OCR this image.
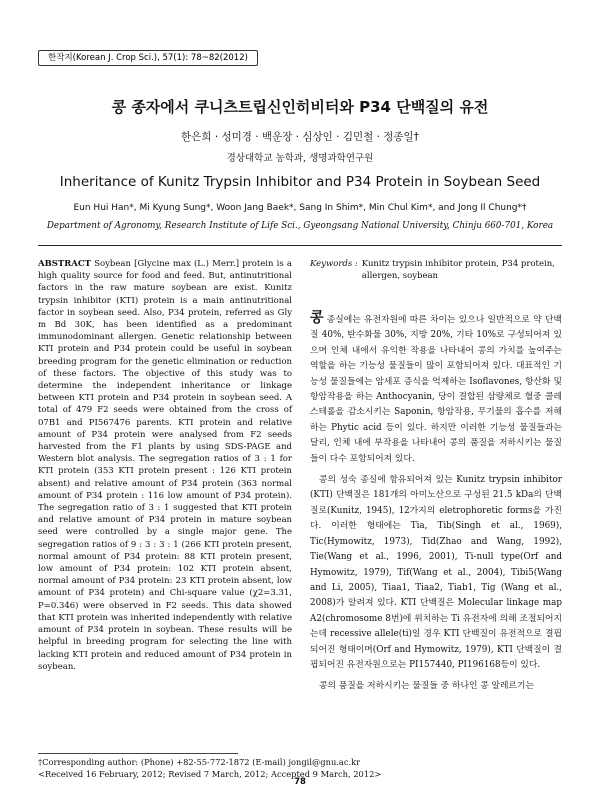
한작지(Korean J. Crop Sci.), 57(1): 78~82(2012)
콩 종자에서 쿠니츠트립신인히비터와 P34 단백질의 유전
한은희 · 성미경 · 백운장 · 심상인 · 김민철 · 정종일†
경상대학교 농학과, 생명과학연구원
Inheritance of Kunitz Trypsin Inhibitor and P34 Protein in Soybean Seed
Eun Hui Han*, Mi Kyung Sung*, Woon Jang Baek*, Sang In Shim*, Min Chul Kim*, and Jong Il Chung*†
Department of Agronomy, Research Institute of Life Sci., Gyeongsang National University, Chinju 660-701, Korea
ABSTRACT Soybean [Glycine max (L.) Merr.] protein is a high quality source for food and feed. But, antinutritional factors in the raw mature soybean are exist. Kunitz trypsin inhibitor (KTI) protein is a main antinutritional factor in soybean seed. Also, P34 protein, referred as Gly m Bd 30K, has been identified as a predominant immunodominant allergen. Genetic relationship between KTI protein and P34 protein could be useful in soybean breeding program for the genetic elimination or reduction of these factors. The objective of this study was to determine the independent inheritance or linkage between KTI protein and P34 protein in soybean seed. A total of 479 F2 seeds were obtained from the cross of 07B1 and PI567476 parents. KTI protein and relative amount of P34 protein were analysed from F2 seeds harvested from the F1 plants by using SDS-PAGE and Western blot analysis. The segregation ratios of 3 : 1 for KTI protein (353 KTI protein present : 126 KTI protein absent) and relative amount of P34 protein (363 normal amount of P34 protein : 116 low amount of P34 protein). The segregation ratio of 3 : 1 suggested that KTI protein and relative amount of P34 protein in mature soybean seed were controlled by a single major gene. The segregation ratios of 9 : 3 : 3 : 1 (266 KTI protein present, normal amount of P34 protein: 88 KTI protein present, low amount of P34 protein: 102 KTI protein absent, normal amount of P34 protein: 23 KTI protein absent, low amount of P34 protein) and Chi-square value (χ2=3.31, P=0.346) were observed in F2 seeds. This data showed that KTI protein was inherited independently with relative amount of P34 protein in soybean. These results will be helpful in breeding program for selecting the line with lacking KTI protein and reduced amount of P34 protein in soybean.
Keywords : Kunitz trypsin inhibitor protein, P34 protein, allergen, soybean

콩 종실에는 유전자원에 따른 차이는 있으나 일반적으로 약 단백질 40%, 탄수화물 30%, 지방 20%, 기타 10%로 구성되어져 있으며 인체 내에서 유익한 작용을 나타내어 콩의 가치를 높여주는 역할을 하는 기능성 물질들이 많이 포함되어져 있다. 대표적인 기능성 물질들에는 암세포 증식을 억제하는 Isoflavones, 항산화 및 항암작용을 하는 Anthocyanin, 당이 결합된 삼량체로 혈중 콜레스테롤을 감소시키는 Saponin, 항암작용, 무기물의 흡수를 저해하는 Phytic acid 등이 있다. 하지만 이러한 기능성 물질들과는 달리, 인체 내에 부작용을 나타내어 콩의 품질을 저하시키는 물질들이 다수 포함되어져 있다.

콩의 성숙 종실에 함유되어져 있는 Kunitz trypsin inhibitor (KTI) 단백질은 181개의 아미노산으로 구성된 21.5 kDa의 단백질로(Kunitz, 1945), 12가지의 eletrophoretic forms을 가진다. 이러한 형태에는 Tia, Tib(Singh et al., 1969), Tic(Hymowitz, 1973), Tid(Zhao and Wang, 1992), Tie(Wang et al., 1996, 2001), Ti-null type(Orf and Hymowitz, 1979), Tif(Wang et al., 2004), Tibi5(Wang and Li, 2005), Tiaa1, Tiaa2, Tiab1, Tig (Wang et al., 2008)가 알려져 있다. KTI 단백질은 Molecular linkage map A2(chromosome 8번)에 위치하는 Ti 유전자에 의해 조절되어지는데 recessive allele(ti)일 경우 KTI 단백질이 유전적으로 결핍되어진 형태이며(Orf and Hymowitz, 1979), KTI 단백질이 결핍되어진 유전자원으로는 PI157440, PI196168등이 있다.

콩의 품질을 저하시키는 물질들 중 하나인 콩 알레르기는

†Corresponding author: (Phone) +82-55-772-1872 (E-mail) jongil@gnu.ac.kr
<Received 16 February, 2012; Revised 7 March, 2012; Accepted 9 March, 2012>
78
